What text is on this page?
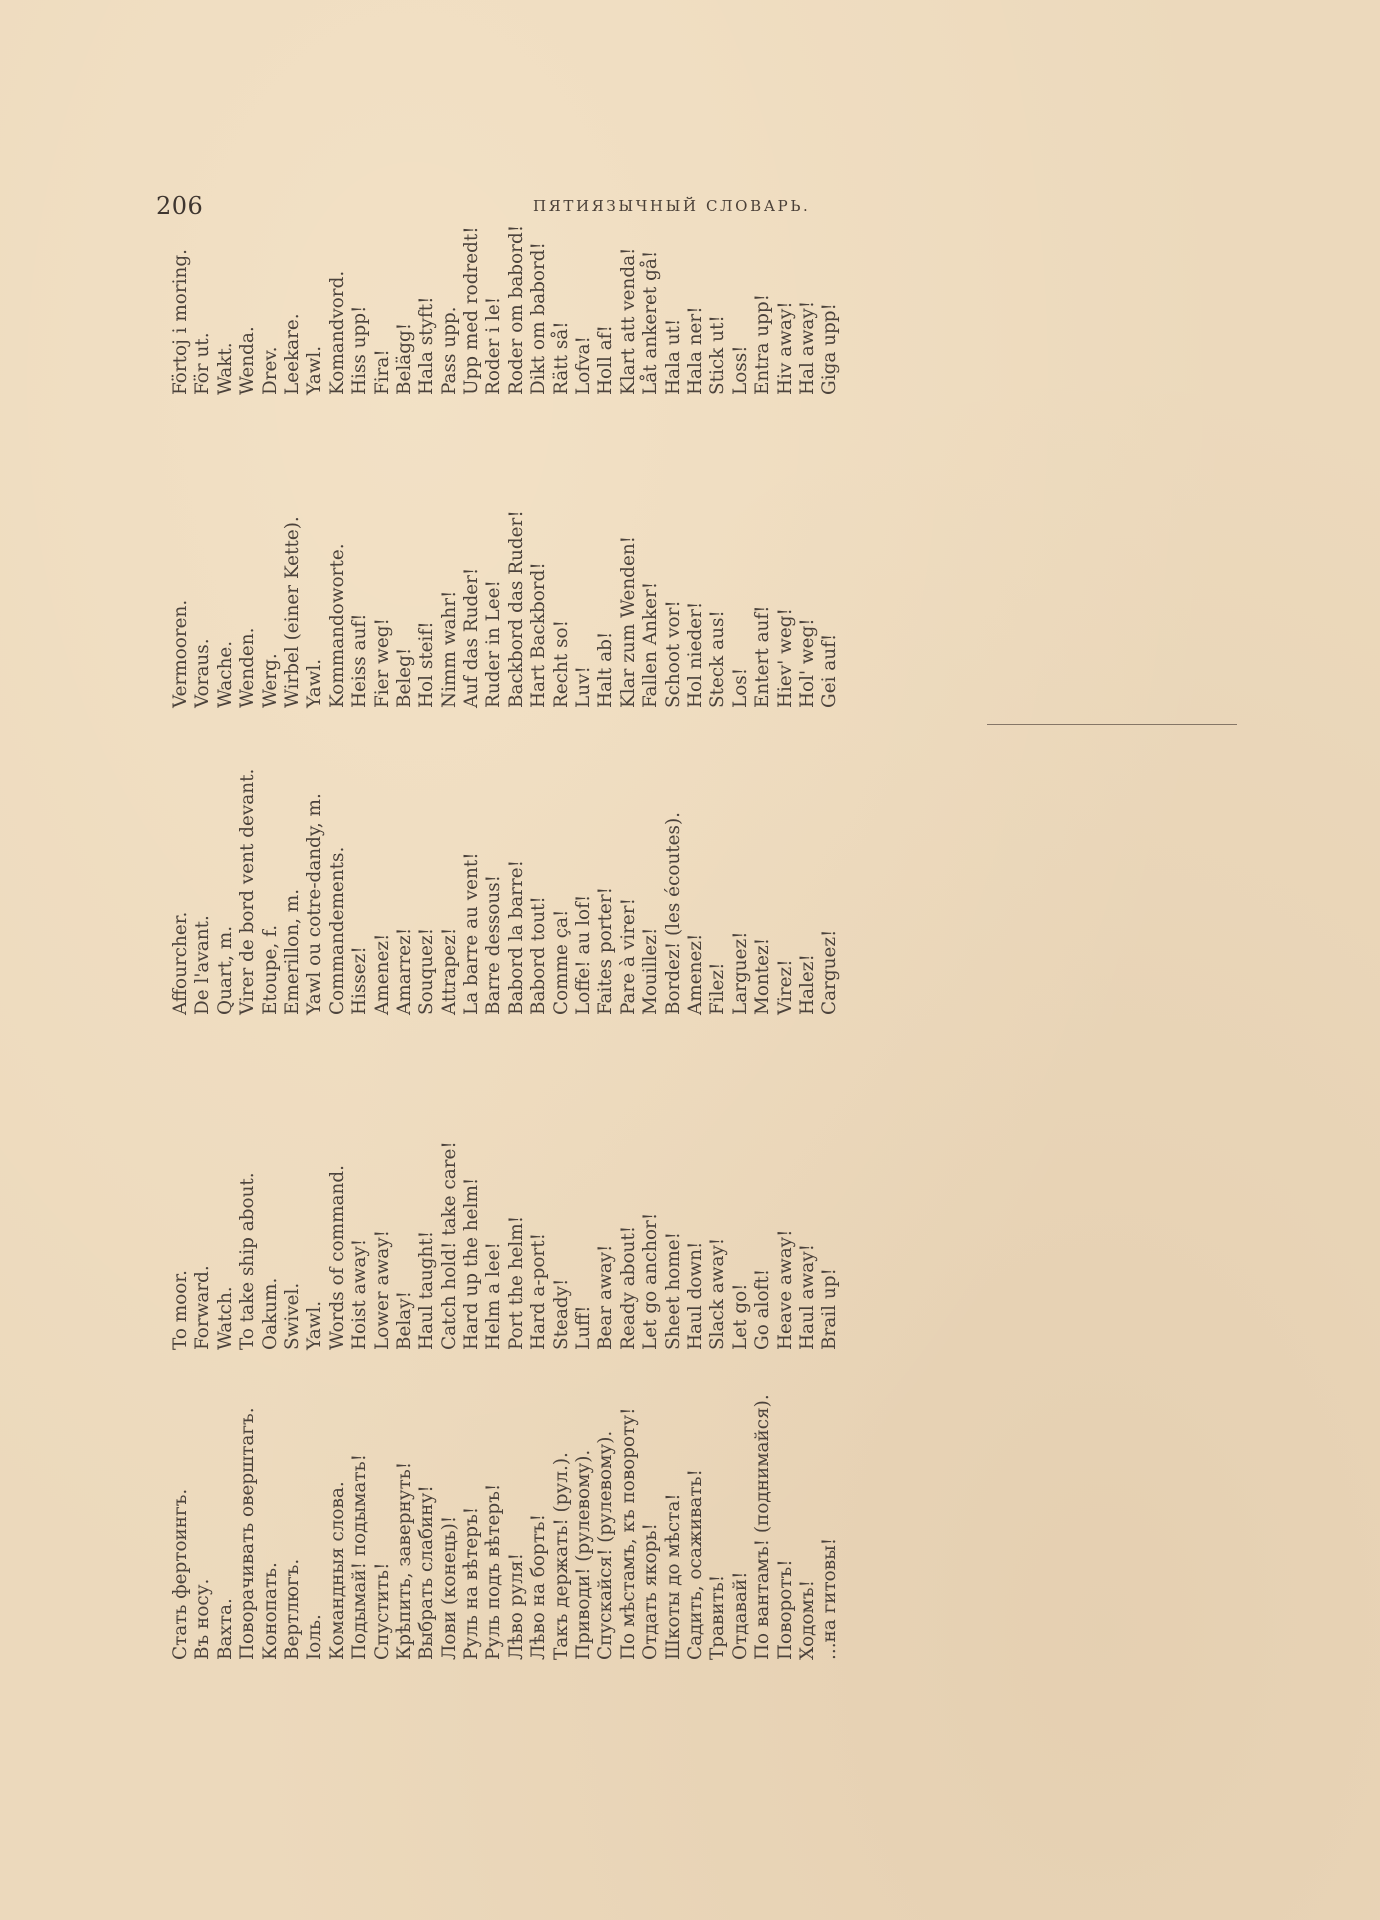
206	ПЯТИЯЗЫЧНЫЙ СЛОВАРЬ.
Стать фертоингъ. Въ носу. Вахта. Поворачивать оверштагъ. Конопать. Вертлюгъ. Іоль. Командныя слова. Подымай! подымать! Спустить! Крѣпить, завернуть! Выбрать слабину! Лови (конець)! Руль на вѣтеръ! Руль подъ вѣтеръ! Лѣво руля! Лѣво на бортъ! Такъ держать! (рул.). Приводи! (рулевому). Спускайся! (рулевому). По мѣстамъ, къ повороту! Отдать якорь! Шкоты до мѣста! Садить, осаживать! Травить! Отдавай! По вантамъ! (поднимайся). Поворотъ! Ходомъ! ...на гитовы!
To moor. Forward. Watch. To take ship about. Oakum. Swivel. Yawl. Words of command. Hoist away! Lower away! Belay! Haul taught! Catch hold! take care! Hard up the helm! Helm a lee! Port the helm! Hard a-port! Steady! Luff! Bear away! Ready about! Let go anchor! Sheet home! Haul down! Slack away! Let go! Go aloft! Heave away! Haul away! Brail up!
Affourcher. De l'avant. Quart, m. Virer de bord vent devant. Etoupe, f. Emerillon, m. Yawl ou cotre-dandy, m. Commandements. Hissez! Amenez! Amarrez! Souquez! Attrapez! La barre au vent! Barre dessous! Babord la barre! Babord tout! Comme ça! Loffe! au lof! Faites porter! Pare à virer! Mouillez! Bordez! (les écoutes). Amenez! Filez! Larguez! Montez! Virez! Halez! Carguez!
Vermooren. Voraus. Wache. Wenden. Werg. Wirbel (einer Kette). Yawl. Kommandoworte. Heiss auf! Fier weg! Beleg! Hol steif! Nimm wahr! Auf das Ruder! Ruder in Lee! Backbord das Ruder! Hart Backbord! Recht so! Luv! Halt ab! Klar zum Wenden! Fallen Anker! Schoot vor! Hol nieder! Steck aus! Los! Entert auf! Hiev' weg! Hol' weg! Gei auf!
Förtoj i moring. För ut. Wakt. Wenda. Drev. Leekare. Yawl. Komandvord. Hiss upp! Fira! Belägg! Hala styft! Pass upp. Upp med rodredt! Roder i le! Roder om babord! Dikt om babord! Rätt så! Lofva! Holl af! Klart att venda! Låt ankeret gå! Hala ut! Hala ner! Stick ut! Loss! Entra upp! Hiv away! Hal away! Giga upp!
